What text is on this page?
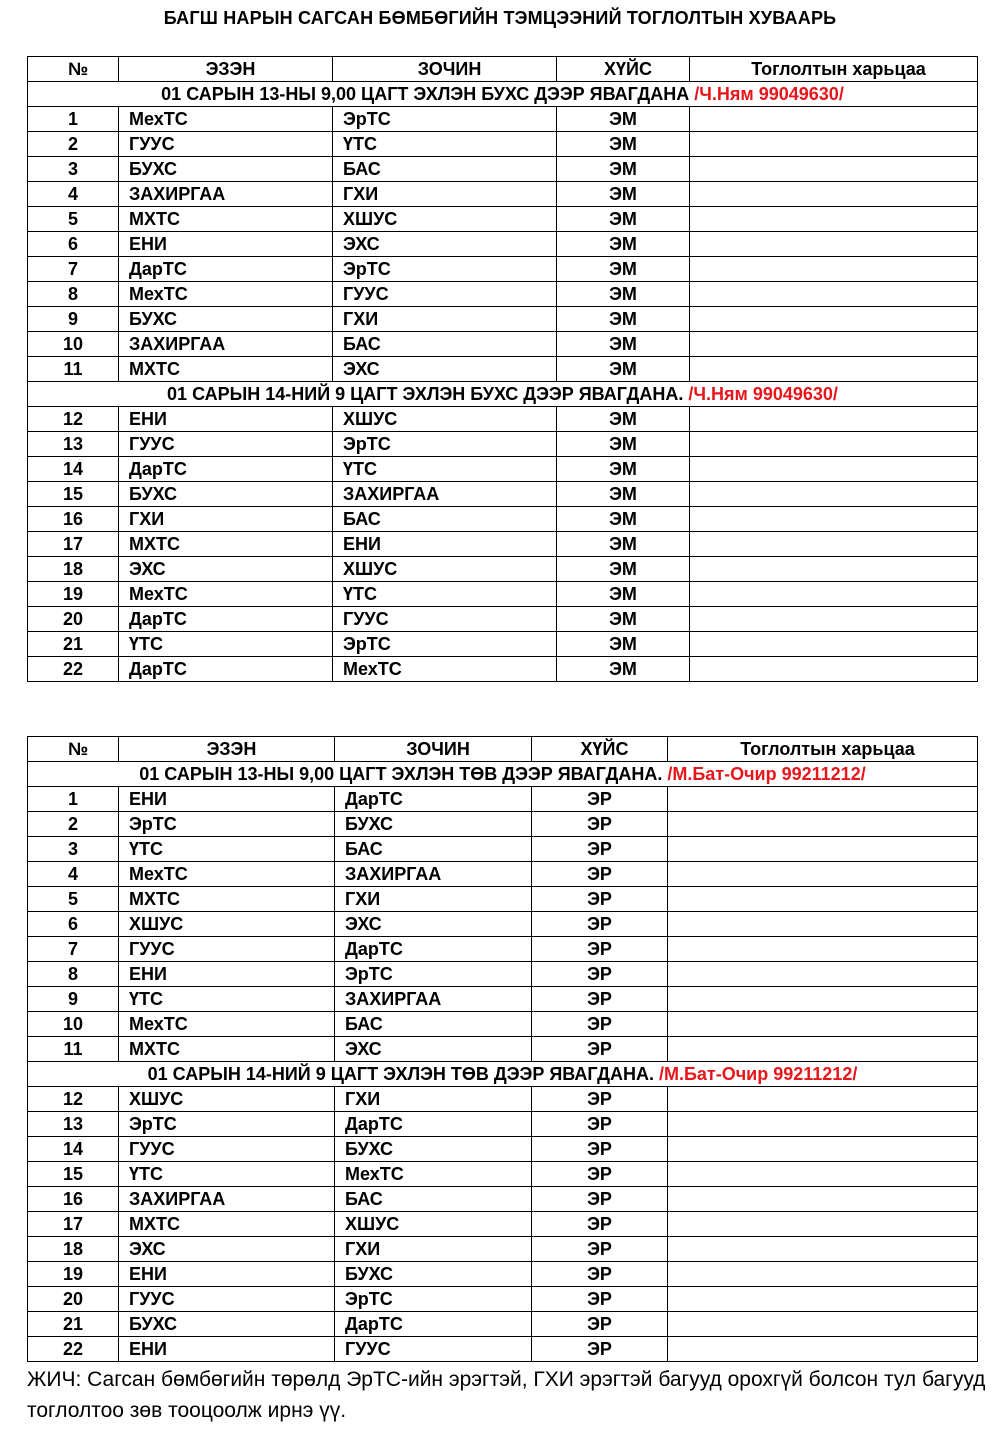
БАГШ НАРЫН САГСАН БӨМБӨГИЙН ТЭМЦЭЭНИЙ ТОГЛОЛТЫН ХУВААРЬ
№	ЭЗЭН	ЗОЧИН	ХҮЙС	Тоглолтын харьцаа
01 САРЫН 13-НЫ 9,00 ЦАГТ ЭХЛЭН БУХС ДЭЭР ЯВАГДАНА /Ч.Ням 99049630/				
1	МехТС	ЭрТС	ЭМ	
2	ГУУС	ҮТС	ЭМ	
3	БУХС	БАС	ЭМ	
4	ЗАХИРГАА	ГХИ	ЭМ	
5	МХТС	ХШУС	ЭМ	
6	ЕНИ	ЭХС	ЭМ	
7	ДарТС	ЭрТС	ЭМ	
8	МехТС	ГУУС	ЭМ	
9	БУХС	ГХИ	ЭМ	
10	ЗАХИРГАА	БАС	ЭМ	
11	МХТС	ЭХС	ЭМ	
01 САРЫН 14-НИЙ 9 ЦАГТ ЭХЛЭН БУХС ДЭЭР ЯВАГДАНА. /Ч.Ням 99049630/				
12	ЕНИ	ХШУС	ЭМ	
13	ГУУС	ЭрТС	ЭМ	
14	ДарТС	ҮТС	ЭМ	
15	БУХС	ЗАХИРГАА	ЭМ	
16	ГХИ	БАС	ЭМ	
17	МХТС	ЕНИ	ЭМ	
18	ЭХС	ХШУС	ЭМ	
19	МехТС	ҮТС	ЭМ	
20	ДарТС	ГУУС	ЭМ	
21	ҮТС	ЭрТС	ЭМ	
22	ДарТС	МехТС	ЭМ	
№	ЭЗЭН	ЗОЧИН	ХҮЙС	Тоглолтын харьцаа
01 САРЫН 13-НЫ 9,00 ЦАГТ ЭХЛЭН ТӨВ ДЭЭР ЯВАГДАНА. /М.Бат-Очир 99211212/				
1	ЕНИ	ДарТС	ЭР	
2	ЭрТС	БУХС	ЭР	
3	ҮТС	БАС	ЭР	
4	МехТС	ЗАХИРГАА	ЭР	
5	МХТС	ГХИ	ЭР	
6	ХШУС	ЭХС	ЭР	
7	ГУУС	ДарТС	ЭР	
8	ЕНИ	ЭрТС	ЭР	
9	ҮТС	ЗАХИРГАА	ЭР	
10	МехТС	БАС	ЭР	
11	МХТС	ЭХС	ЭР	
01 САРЫН 14-НИЙ 9 ЦАГТ ЭХЛЭН ТӨВ ДЭЭР ЯВАГДАНА. /М.Бат-Очир 99211212/				
12	ХШУС	ГХИ	ЭР	
13	ЭрТС	ДарТС	ЭР	
14	ГУУС	БУХС	ЭР	
15	ҮТС	МехТС	ЭР	
16	ЗАХИРГАА	БАС	ЭР	
17	МХТС	ХШУС	ЭР	
18	ЭХС	ГХИ	ЭР	
19	ЕНИ	БУХС	ЭР	
20	ГУУС	ЭрТС	ЭР	
21	БУХС	ДарТС	ЭР	
22	ЕНИ	ГУУС	ЭР	
ЖИЧ: Сагсан бөмбөгийн төрөлд ЭрТС-ийн эрэгтэй, ГХИ эрэгтэй багууд орохгүй болсон тул багууд тоглолтоо зөв тооцоолж ирнэ үү.
